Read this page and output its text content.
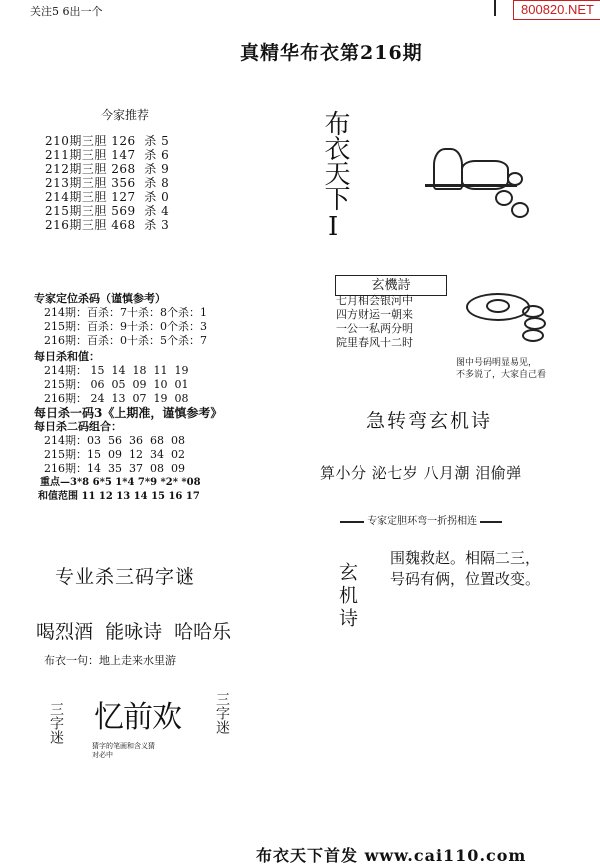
800820.NET
关注5 6出一个
真精华布衣第216期
今家推荐
210期三胆 126  杀 5
211期三胆 147  杀 6
212期三胆 268  杀 9
213期三胆 356  杀 8
214期三胆 127  杀 0
215期三胆 569  杀 4
216期三胆 468  杀 3
布衣天下
I
专家定位杀码（谨慎参考）
214期：百杀：7十杀：8个杀：1
215期：百杀：9十杀：0个杀：3
216期：百杀：0十杀：5个杀：7
每日杀和值：
214期： 15  14  18  11  19
215期： 06  05  09  10  01
216期： 24  13  07  19  08
每日杀一码3《上期准，谨慎参考》
每日杀二码组合：
214期：03  56  36  68  08
215期：15  09  12  34  02
216期：14  35  37  08  09
重点—3*8 6*5 1*4 7*9 *2* *08
和值范围 11 12 13 14 15 16 17
玄機詩
七月相会银河中
四方财运一朝来
一公一私两分明
院里春风十二时
图中号码明显易见，
不多说了，大家自己看
急转弯玄机诗
算小分 泌七岁 八月潮 泪偷弹
专家定胆环弯一折拐相连
玄机诗
围魏救赵。相隔二三，
号码有俩，位置改变。
专业杀三码字谜
喝烈酒  能咏诗  哈哈乐
布衣一句：地上走来水里游
三字迷 忆前欢 三字迷
猜字的笔画和含义猜
对必中
布衣天下首发 www.cai110.com
